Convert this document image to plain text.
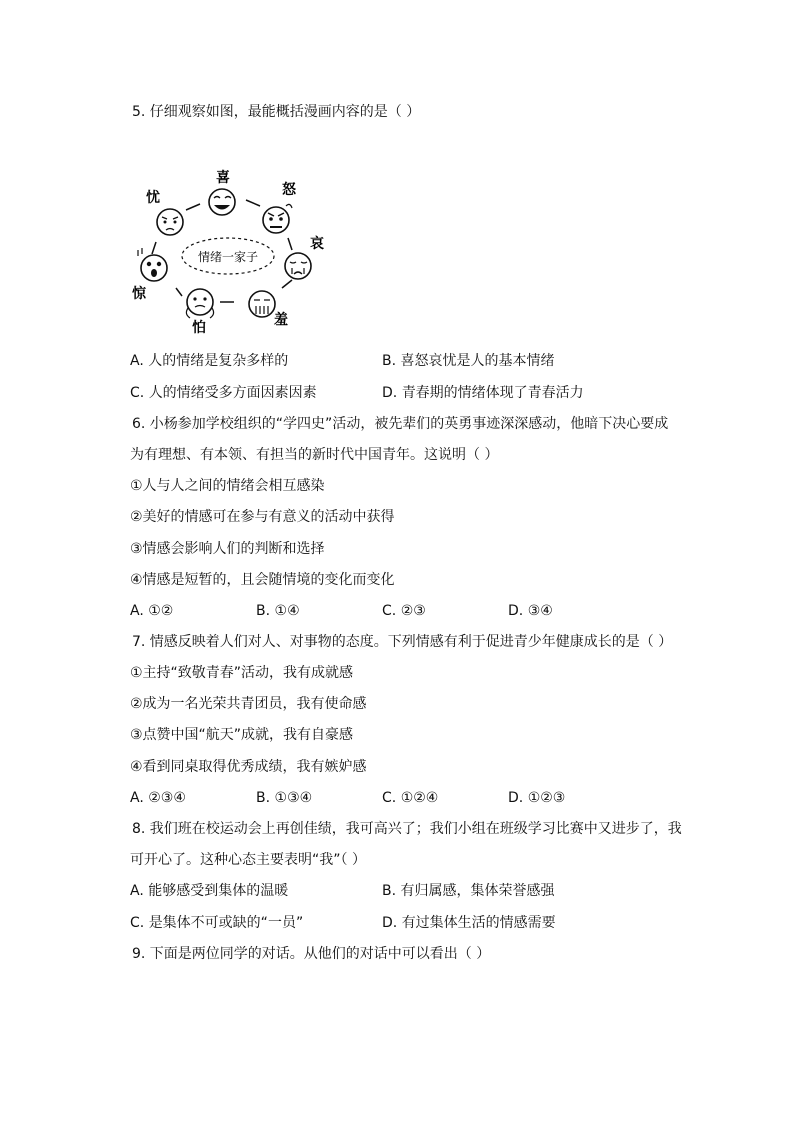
5. 仔细观察如图，最能概括漫画内容的是（ ）
情绪一家子
喜
怒
哀
羞
怕
惊
忧
A. 人的情绪是复杂多样的	B. 喜怒哀忧是人的基本情绪
C. 人的情绪受多方面因素因素	D. 青春期的情绪体现了青春活力
6. 小杨参加学校组织的“学四史”活动，被先辈们的英勇事迹深深感动，他暗下决心要成
为有理想、有本领、有担当的新时代中国青年。这说明（ ）
①人与人之间的情绪会相互感染
②美好的情感可在参与有意义的活动中获得
③情感会影响人们的判断和选择
④情感是短暂的，且会随情境的变化而变化
A. ①②	B. ①④	C. ②③	D. ③④
7. 情感反映着人们对人、对事物的态度。下列情感有利于促进青少年健康成长的是（ ）
①主持“致敬青春”活动，我有成就感
②成为一名光荣共青团员，我有使命感
③点赞中国“航天”成就，我有自豪感
④看到同桌取得优秀成绩，我有嫉妒感
A. ②③④	B. ①③④	C. ①②④	D. ①②③
8. 我们班在校运动会上再创佳绩，我可高兴了；我们小组在班级学习比赛中又进步了，我
可开心了。这种心态主要表明“我”（ ）
A. 能够感受到集体的温暖	B. 有归属感，集体荣誉感强
C. 是集体不可或缺的“一员”	D. 有过集体生活的情感需要
9. 下面是两位同学的对话。从他们的对话中可以看出（ ）
